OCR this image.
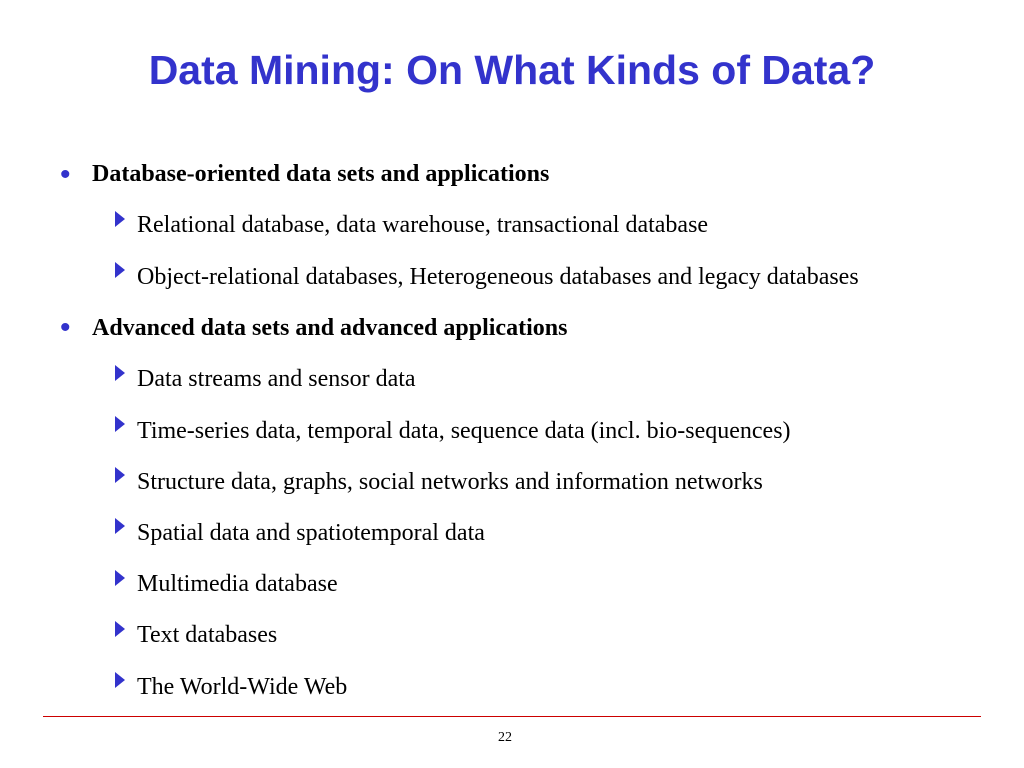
Data Mining: On What Kinds of Data?
• Database-oriented data sets and applications
Relational database, data warehouse, transactional database
Object-relational databases, Heterogeneous databases and legacy databases
• Advanced data sets and advanced applications
Data streams and sensor data
Time-series data, temporal data, sequence data (incl. bio-sequences)
Structure data, graphs, social networks and information networks
Spatial data and spatiotemporal data
Multimedia database
Text databases
The World-Wide Web
22
